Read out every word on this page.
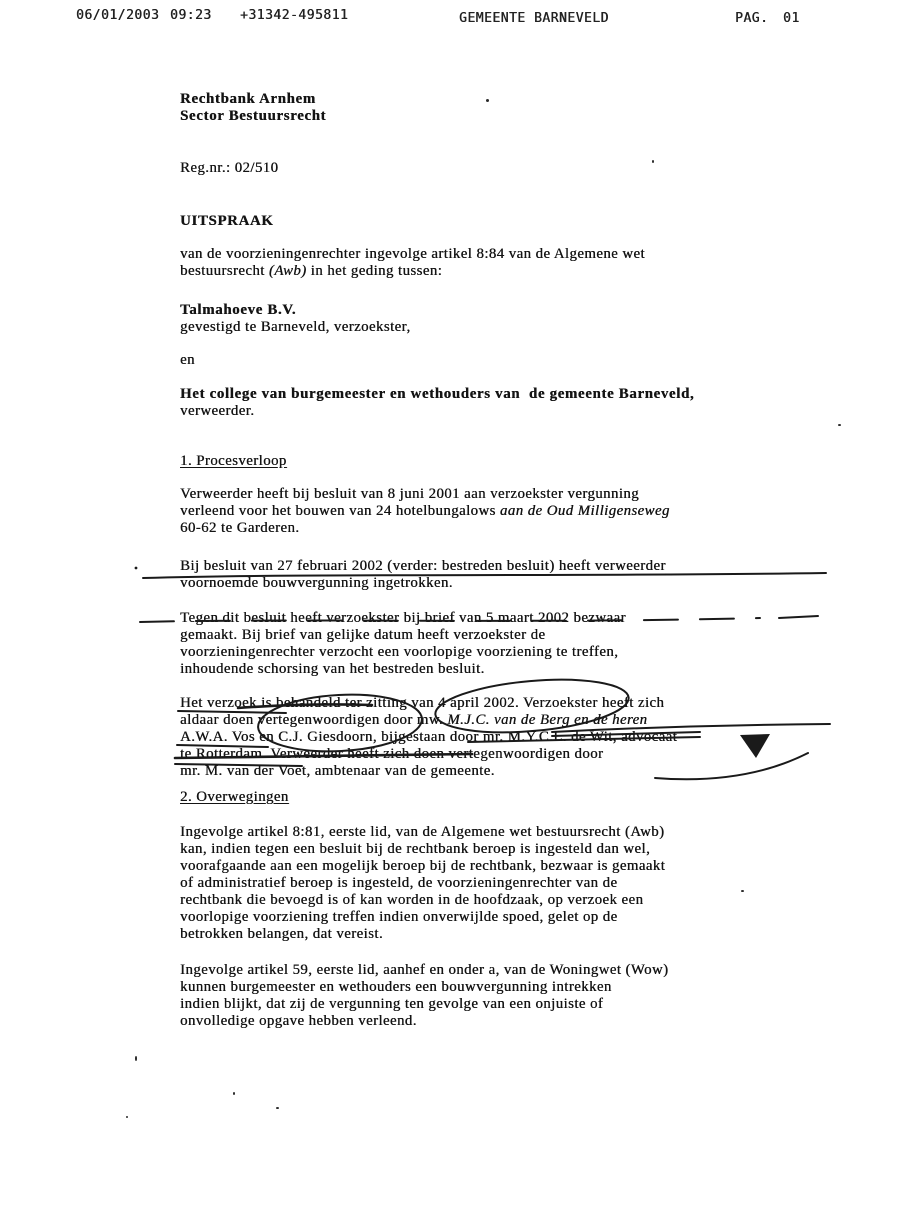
06/01/2003 09:23 +31342-495811	GEMEENTE BARNEVELD	PAG. 01
Rechtbank Arnhem
Sector Bestuursrecht
Reg.nr.: 02/510
UITSPRAAK
van de voorzieningenrechter ingevolge artikel 8:84 van de Algemene wet
bestuursrecht (Awb) in het geding tussen:
Talmahoeve B.V.
gevestigd te Barneveld, verzoekster,
en
Het college van burgemeester en wethouders van  de gemeente Barneveld,
verweerder.
1. Procesverloop
Verweerder heeft bij besluit van 8 juni 2001 aan verzoekster vergunning
verleend voor het bouwen van 24 hotelbungalows aan de Oud Milligenseweg
60-62 te Garderen.
Bij besluit van 27 februari 2002 (verder: bestreden besluit) heeft verweerder
voornoemde bouwvergunning ingetrokken.
Tegen dit besluit heeft verzoekster bij brief van 5 maart 2002 bezwaar
gemaakt. Bij brief van gelijke datum heeft verzoekster de
voorzieningenrechter verzocht een voorlopige voorziening te treffen,
inhoudende schorsing van het bestreden besluit.
Het verzoek is behandeld ter zitting van 4 april 2002. Verzoekster heeft zich
aldaar doen vertegenwoordigen door mw. M.J.C. van de Berg en de heren
A.W.A. Vos en C.J. Giesdoorn, bijgestaan door mr. M.Y.C.L. de Wit, advocaat
te Rotterdam. Verweerder heeft zich doen vertegenwoordigen door
mr. M. van der Voet, ambtenaar van de gemeente.
2. Overwegingen
Ingevolge artikel 8:81, eerste lid, van de Algemene wet bestuursrecht (Awb)
kan, indien tegen een besluit bij de rechtbank beroep is ingesteld dan wel,
voorafgaande aan een mogelijk beroep bij de rechtbank, bezwaar is gemaakt
of administratief beroep is ingesteld, de voorzieningenrechter van de
rechtbank die bevoegd is of kan worden in de hoofdzaak, op verzoek een
voorlopige voorziening treffen indien onverwijlde spoed, gelet op de
betrokken belangen, dat vereist.
Ingevolge artikel 59, eerste lid, aanhef en onder a, van de Woningwet (Wow)
kunnen burgemeester en wethouders een bouwvergunning intrekken
indien blijkt, dat zij de vergunning ten gevolge van een onjuiste of
onvolledige opgave hebben verleend.
